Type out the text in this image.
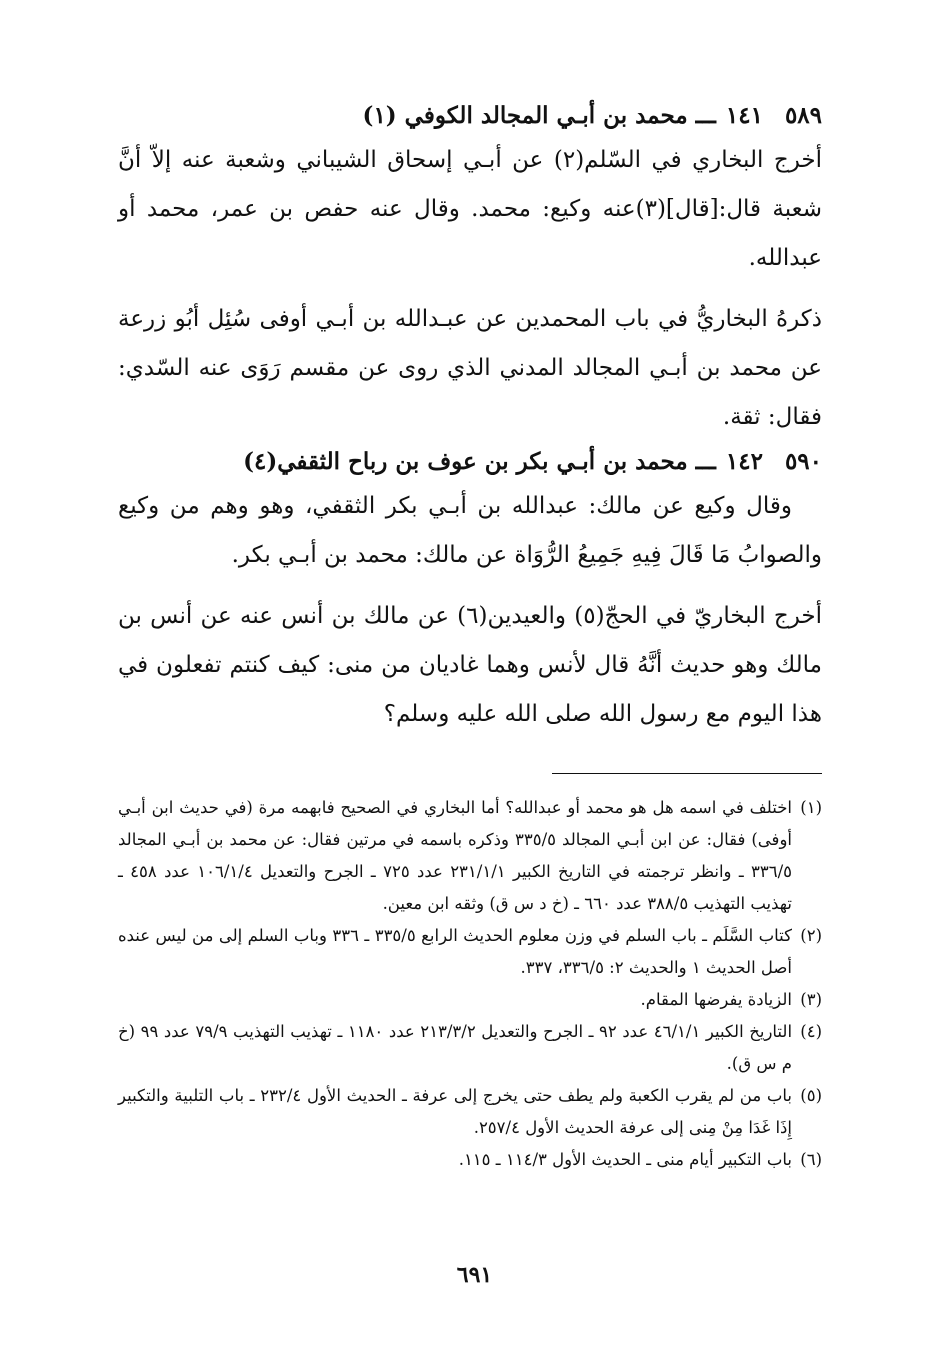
٥٨٩١٤١ـــ محمد بن أبـي المجالد الكوفي (١)

أخرج البخاري في السّلم(٢) عن أبـي إسحاق الشيباني وشعبة عنه إلاّ أنَّ شعبة قال:[قال](٣)عنه وكيع: محمد. وقال عنه حفص بن عمر، محمد أو عبدالله.

ذكرهُ البخاريُّ في باب المحمدين عن عبـدالله بن أبـي أوفى سُئِل أبُو زرعة عن محمد بن أبـي المجالد المدني الذي روى عن مقسم رَوَى عنه السّدي: فقال: ثقة.

٥٩٠١٤٢ـــ محمد بن أبـي بكر بن عوف بن رباح الثقفي(٤)

وقال وكيع عن مالك: عبدالله بن أبـي بكر الثقفي، وهو وهم من وكيع والصوابُ مَا قَالَ فِيهِ جَمِيعُ الرُّوَاة عن مالك: محمد بن أبـي بكر.

أخرج البخاريّ في الحجّ(٥) والعيدين(٦) عن مالك بن أنس عنه عن أنس بن مالك وهو حديث أنَّهُ قال لأنس وهما غاديان من منى: كيف كنتم تفعلون في هذا اليوم مع رسول الله صلى الله عليه وسلم؟

(١)
اختلف في اسمه هل هو محمد أو عبدالله؟ أما البخاري في الصحيح فابهمه مرة (في حديث ابن أبـي أوفى) فقال: عن ابن أبـي المجالد ٣٣٥/٥ وذكره باسمه في مرتين فقال: عن محمد بن أبـي المجالد ٣٣٦/٥ ـ وانظر ترجمته في التاريخ الكبير ٢٣١/١/١ عدد ٧٢٥ ـ الجرح والتعديل ١٠٦/١/٤ عدد ٤٥٨ ـ تهذيب التهذيب ٣٨٨/٥ عدد ٦٦٠ ـ (خ د س ق) وثقه ابن معين.
(٢)
كتاب السَّلَم ـ باب السلم في وزن معلوم الحديث الرابع ٣٣٥/٥ ـ ٣٣٦ وباب السلم إلى من ليس عنده أصل الحديث ١ والحديث ٢: ٣٣٦/٥، ٣٣٧.
(٣)
الزيادة يفرضها المقام.
(٤)
التاريخ الكبير ٤٦/١/١ عدد ٩٢ ـ الجرح والتعديل ٢١٣/٣/٢ عدد ١١٨٠ ـ تهذيب التهذيب ٧٩/٩ عدد ٩٩ (خ م س ق).
(٥)
باب من لم يقرب الكعبة ولم يطف حتى يخرج إلى عرفة ـ الحديث الأول ٢٣٢/٤ ـ باب التلبية والتكبير إِذَا غَدَا مِنْ مِنى إلى عرفة الحديث الأول ٢٥٧/٤.
(٦)
باب التكبير أيام منى ـ الحديث الأول ١١٤/٣ ـ ١١٥.
٦٩١
